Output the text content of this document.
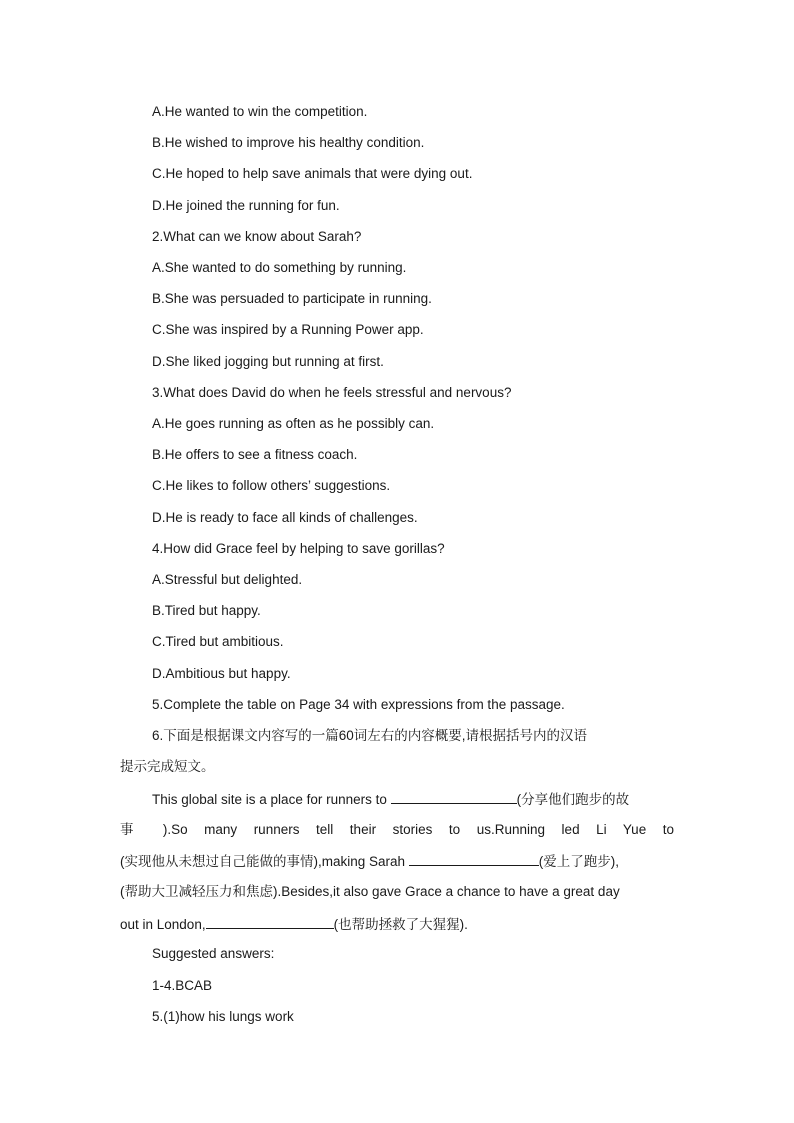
A.He wanted to win the competition.
B.He wished to improve his healthy condition.
C.He hoped to help save animals that were dying out.
D.He joined the running for fun.
2.What can we know about Sarah?
A.She wanted to do something by running.
B.She was persuaded to participate in running.
C.She was inspired by a Running Power app.
D.She liked jogging but running at first.
3.What does David do when he feels stressful and nervous?
A.He goes running as often as he possibly can.
B.He offers to see a fitness coach.
C.He likes to follow others’ suggestions.
D.He is ready to face all kinds of challenges.
4.How did Grace feel by helping to save gorillas?
A.Stressful but delighted.
B.Tired but happy.
C.Tired but ambitious.
D.Ambitious but happy.
5.Complete the table on Page 34 with expressions from the passage.
6.下面是根据课文内容写的一篇60词左右的内容概要,请根据括号内的汉语
提示完成短文。
This global site is a place for runners to	(分享他们跑步的故
事 ).So many runners tell their stories to us.Running led Li Yue to
(实现他从未想过自己能做的事情),making Sarah	(爱上了跑步),
(帮助大卫减轻压力和焦虑).Besides,it also gave Grace a chance to have a great day
out in London,	(也帮助拯救了大猩猩).
Suggested answers:
1-4.BCAB
5.(1)how his lungs work
